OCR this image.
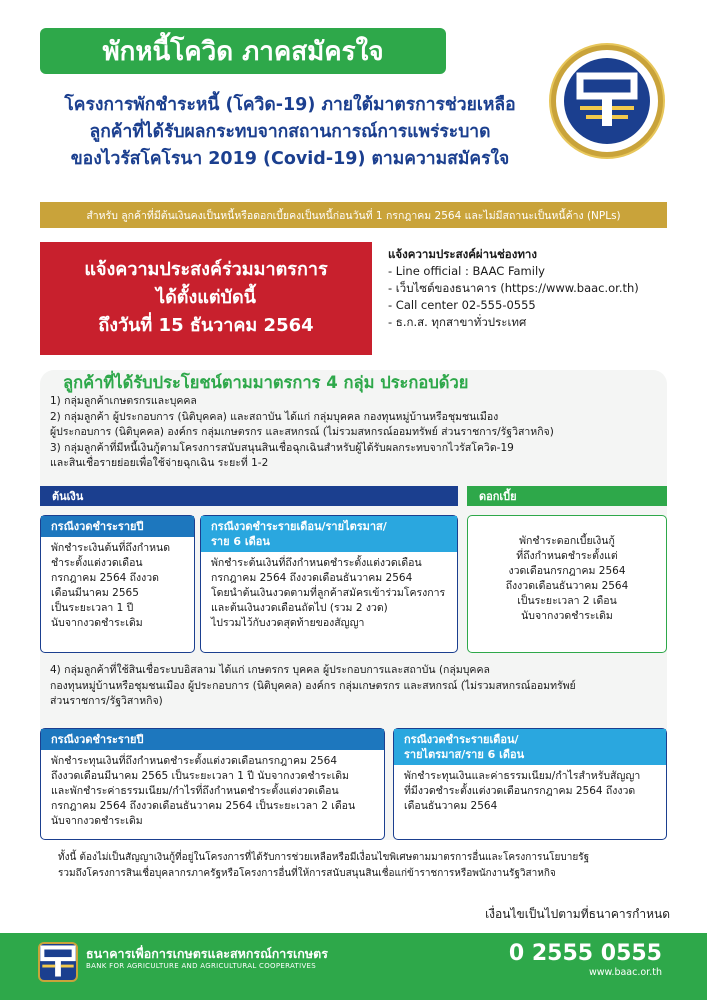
พักหนี้โควิด ภาคสมัครใจ
โครงการพักชำระหนี้ (โควิด-19) ภายใต้มาตรการช่วยเหลือ
ลูกค้าที่ได้รับผลกระทบจากสถานการณ์การแพร่ระบาด
ของไวรัสโคโรนา 2019 (Covid-19) ตามความสมัครใจ
สำหรับ ลูกค้าที่มีต้นเงินคงเป็นหนี้หรือดอกเบี้ยคงเป็นหนี้ก่อนวันที่ 1 กรกฎาคม 2564 และไม่มีสถานะเป็นหนี้ค้าง (NPLs)
แจ้งความประสงค์ร่วมมาตรการ
ได้ตั้งแต่บัดนี้
ถึงวันที่ 15 ธันวาคม 2564
แจ้งความประสงค์ผ่านช่องทาง
- Line official : BAAC Family
- เว็บไซต์ของธนาคาร (https://www.baac.or.th)
- Call center 02-555-0555
- ธ.ก.ส. ทุกสาขาทั่วประเทศ
ลูกค้าที่ได้รับประโยชน์ตามมาตรการ 4 กลุ่ม ประกอบด้วย
1) กลุ่มลูกค้าเกษตรกรและบุคคล
2) กลุ่มลูกค้า ผู้ประกอบการ (นิติบุคคล) และสถาบัน ได้แก่ กลุ่มบุคคล กองทุนหมู่บ้านหรือชุมชนเมือง
ผู้ประกอบการ (นิติบุคคล) องค์กร กลุ่มเกษตรกร และสหกรณ์ (ไม่รวมสหกรณ์ออมทรัพย์ ส่วนราชการ/รัฐวิสาหกิจ)
3) กลุ่มลูกค้าที่มีหนี้เงินกู้ตามโครงการสนับสนุนสินเชื่อฉุกเฉินสำหรับผู้ได้รับผลกระทบจากไวรัสโควิด-19
และสินเชื่อรายย่อยเพื่อใช้จ่ายฉุกเฉิน ระยะที่ 1-2
ต้นเงิน	ดอกเบี้ย
กรณีงวดชำระรายปี
พักชำระเงินต้นที่ถึงกำหนด
ชำระตั้งแต่งวดเดือน
กรกฎาคม 2564 ถึงงวด
เดือนมีนาคม 2565
เป็นระยะเวลา 1 ปี
นับจากงวดชำระเดิม
กรณีงวดชำระรายเดือน/รายไตรมาส/
ราย 6 เดือน
พักชำระต้นเงินที่ถึงกำหนดชำระตั้งแต่งวดเดือน
กรกฎาคม 2564 ถึงงวดเดือนธันวาคม 2564
โดยนำต้นเงินงวดตามที่ลูกค้าสมัครเข้าร่วมโครงการ
และต้นเงินงวดเดือนถัดไป (รวม 2 งวด)
ไปรวมไว้กับงวดสุดท้ายของสัญญา
พักชำระดอกเบี้ยเงินกู้
ที่ถึงกำหนดชำระตั้งแต่
งวดเดือนกรกฎาคม 2564
ถึงงวดเดือนธันวาคม 2564
เป็นระยะเวลา 2 เดือน
นับจากงวดชำระเดิม
4) กลุ่มลูกค้าที่ใช้สินเชื่อระบบอิสลาม ได้แก่ เกษตรกร บุคคล ผู้ประกอบการและสถาบัน (กลุ่มบุคคล
กองทุนหมู่บ้านหรือชุมชนเมือง ผู้ประกอบการ (นิติบุคคล) องค์กร กลุ่มเกษตรกร และสหกรณ์ (ไม่รวมสหกรณ์ออมทรัพย์
ส่วนราชการ/รัฐวิสาหกิจ)
กรณีงวดชำระรายปี
พักชำระทุนเงินที่ถึงกำหนดชำระตั้งแต่งวดเดือนกรกฎาคม 2564
ถึงงวดเดือนมีนาคม 2565 เป็นระยะเวลา 1 ปี นับจากงวดชำระเดิม
และพักชำระค่าธรรมเนียม/กำไรที่ถึงกำหนดชำระตั้งแต่งวดเดือน
กรกฎาคม 2564 ถึงงวดเดือนธันวาคม 2564 เป็นระยะเวลา 2 เดือน
นับจากงวดชำระเดิม
กรณีงวดชำระรายเดือน/
รายไตรมาส/ราย 6 เดือน
พักชำระทุนเงินและค่าธรรมเนียม/กำไรสำหรับสัญญา
ที่มีงวดชำระตั้งแต่งวดเดือนกรกฎาคม 2564 ถึงงวด
เดือนธันวาคม 2564
ทั้งนี้ ต้องไม่เป็นสัญญาเงินกู้ที่อยู่ในโครงการที่ได้รับการช่วยเหลือหรือมีเงื่อนไขพิเศษตามมาตรการอื่นและโครงการนโยบายรัฐ
รวมถึงโครงการสินเชื่อบุคลากรภาครัฐหรือโครงการอื่นที่ให้การสนับสนุนสินเชื่อแก่ข้าราชการหรือพนักงานรัฐวิสาหกิจ
เงื่อนไขเป็นไปตามที่ธนาคารกำหนด
ธนาคารเพื่อการเกษตรและสหกรณ์การเกษตร
BANK FOR AGRICULTURE AND AGRICULTURAL COOPERATIVES	0 2555 0555
www.baac.or.th
